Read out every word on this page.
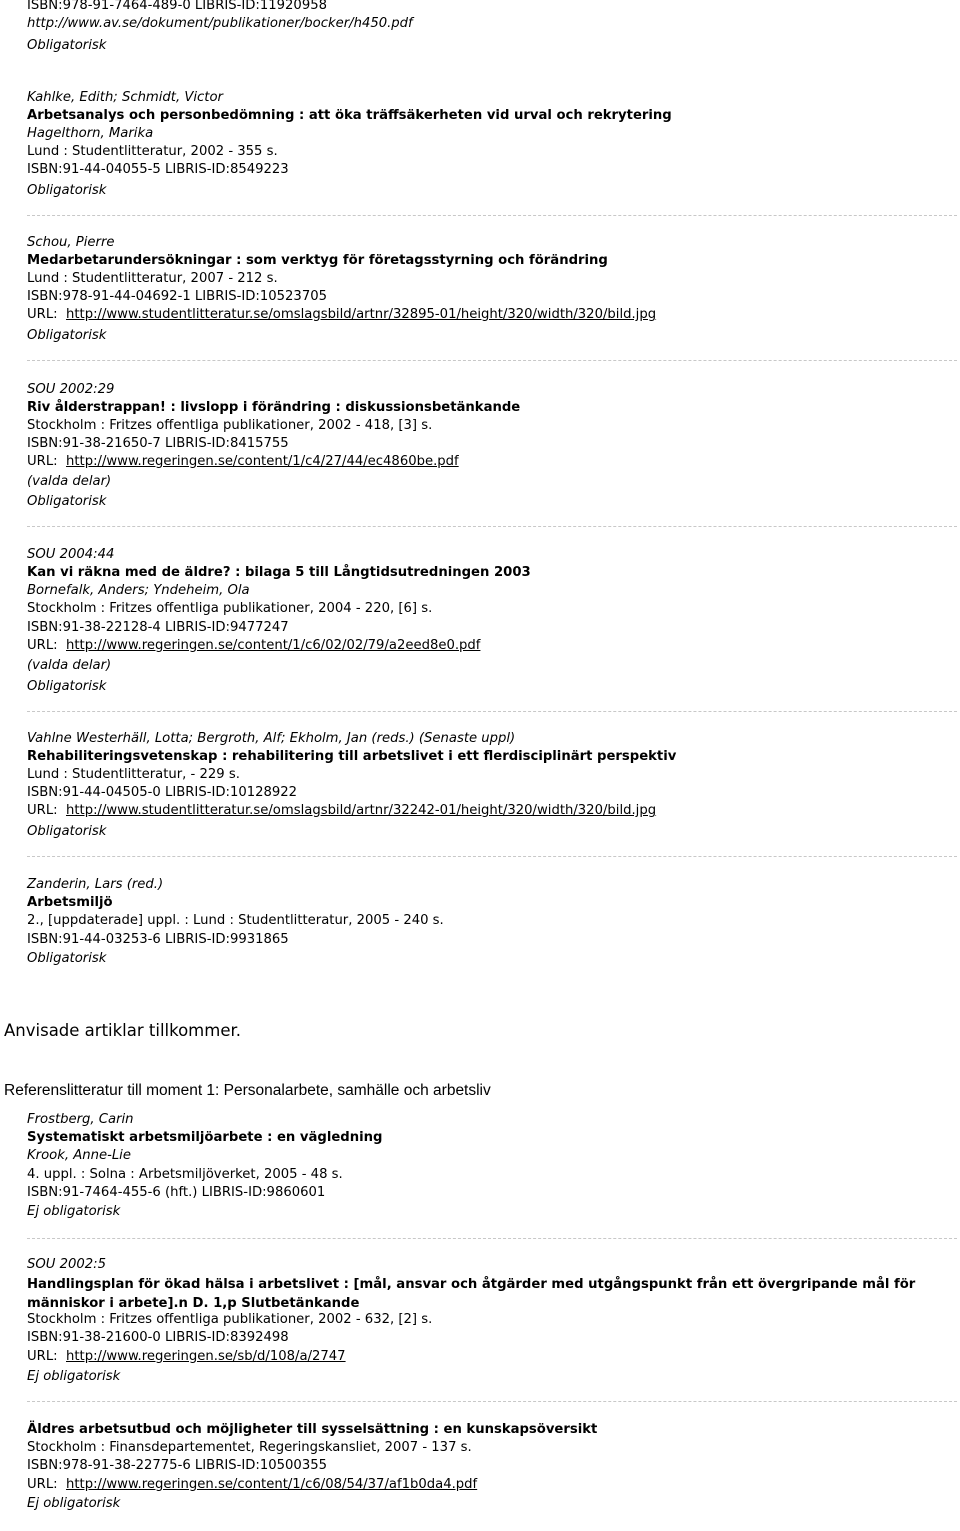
ISBN:978-91-7464-489-0 LIBRIS-ID:11920958
http://www.av.se/dokument/publikationer/bocker/h450.pdf
Obligatorisk
Kahlke, Edith; Schmidt, Victor
Arbetsanalys och personbedömning : att öka träffsäkerheten vid urval och rekrytering
Hagelthorn, Marika
Lund : Studentlitteratur, 2002 - 355 s.
ISBN:91-44-04055-5 LIBRIS-ID:8549223
Obligatorisk
Schou, Pierre
Medarbetarundersökningar : som verktyg för företagsstyrning och förändring
Lund : Studentlitteratur, 2007 - 212 s.
ISBN:978-91-44-04692-1 LIBRIS-ID:10523705
URL: http://www.studentlitteratur.se/omslagsbild/artnr/32895-01/height/320/width/320/bild.jpg
Obligatorisk
SOU 2002:29
Riv ålderstrappan! : livslopp i förändring : diskussionsbetänkande
Stockholm : Fritzes offentliga publikationer, 2002 - 418, [3] s.
ISBN:91-38-21650-7 LIBRIS-ID:8415755
URL: http://www.regeringen.se/content/1/c4/27/44/ec4860be.pdf
(valda delar)
Obligatorisk
SOU 2004:44
Kan vi räkna med de äldre? : bilaga 5 till Långtidsutredningen 2003
Bornefalk, Anders; Yndeheim, Ola
Stockholm : Fritzes offentliga publikationer, 2004 - 220, [6] s.
ISBN:91-38-22128-4 LIBRIS-ID:9477247
URL: http://www.regeringen.se/content/1/c6/02/02/79/a2eed8e0.pdf
(valda delar)
Obligatorisk
Vahlne Westerhäll, Lotta; Bergroth, Alf; Ekholm, Jan (reds.) (Senaste uppl)
Rehabiliteringsvetenskap : rehabilitering till arbetslivet i ett flerdisciplinärt perspektiv
Lund : Studentlitteratur, - 229 s.
ISBN:91-44-04505-0 LIBRIS-ID:10128922
URL: http://www.studentlitteratur.se/omslagsbild/artnr/32242-01/height/320/width/320/bild.jpg
Obligatorisk
Zanderin, Lars (red.)
Arbetsmiljö
2., [uppdaterade] uppl. : Lund : Studentlitteratur, 2005 - 240 s.
ISBN:91-44-03253-6 LIBRIS-ID:9931865
Obligatorisk
Anvisade artiklar tillkommer.
Referenslitteratur till moment 1: Personalarbete, samhälle och arbetsliv
Frostberg, Carin
Systematiskt arbetsmiljöarbete : en vägledning
Krook, Anne-Lie
4. uppl. : Solna : Arbetsmiljöverket, 2005 - 48 s.
ISBN:91-7464-455-6 (hft.) LIBRIS-ID:9860601
Ej obligatorisk
SOU 2002:5
Handlingsplan för ökad hälsa i arbetslivet : [mål, ansvar och åtgärder med utgångspunkt från ett övergripande mål för människor i arbete].n D. 1,p Slutbetänkande
Stockholm : Fritzes offentliga publikationer, 2002 - 632, [2] s.
ISBN:91-38-21600-0 LIBRIS-ID:8392498
URL: http://www.regeringen.se/sb/d/108/a/2747
Ej obligatorisk
Äldres arbetsutbud och möjligheter till sysselsättning : en kunskapsöversikt
Stockholm : Finansdepartementet, Regeringskansliet, 2007 - 137 s.
ISBN:978-91-38-22775-6 LIBRIS-ID:10500355
URL: http://www.regeringen.se/content/1/c6/08/54/37/af1b0da4.pdf
Ej obligatorisk
